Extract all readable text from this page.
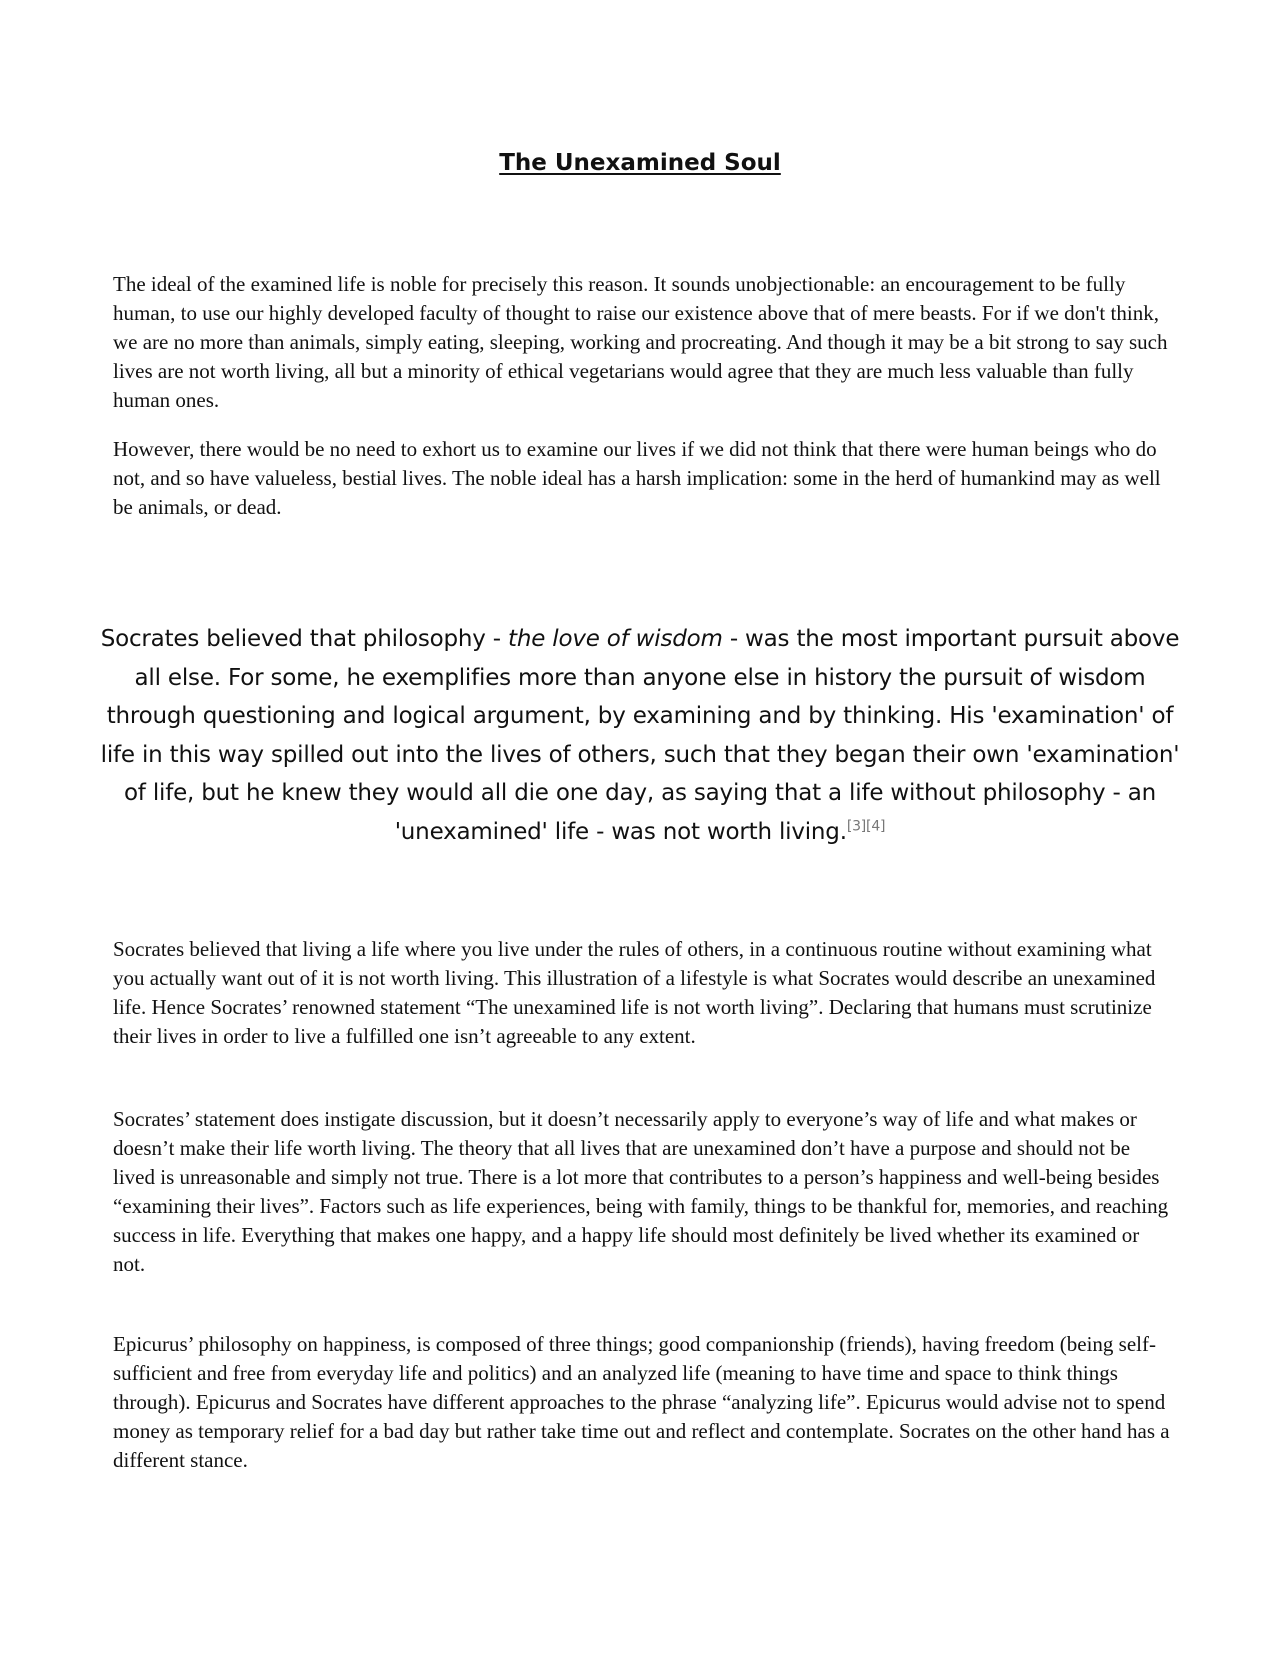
The Unexamined Soul

The ideal of the examined life is noble for precisely this reason. It sounds unobjectionable: an encouragement to be fully human, to use our highly developed faculty of thought to raise our existence above that of mere beasts. For if we don't think, we are no more than animals, simply eating, sleeping, working and procreating. And though it may be a bit strong to say such lives are not worth living, all but a minority of ethical vegetarians would agree that they are much less valuable than fully human ones.

However, there would be no need to exhort us to examine our lives if we did not think that there were human beings who do not, and so have valueless, bestial lives. The noble ideal has a harsh implication: some in the herd of humankind may as well be animals, or dead.

Socrates believed that philosophy - the love of wisdom - was the most important pursuit above all else. For some, he exemplifies more than anyone else in history the pursuit of wisdom through questioning and logical argument, by examining and by thinking. His 'examination' of life in this way spilled out into the lives of others, such that they began their own 'examination' of life, but he knew they would all die one day, as saying that a life without philosophy - an 'unexamined' life - was not worth living.[3][4]

Socrates believed that living a life where you live under the rules of others, in a continuous routine without examining what you actually want out of it is not worth living. This illustration of a lifestyle is what Socrates would describe an unexamined life. Hence Socrates’ renowned statement “The unexamined life is not worth living”. Declaring that humans must scrutinize their lives in order to live a fulfilled one isn’t agreeable to any extent.

Socrates’ statement does instigate discussion, but it doesn’t necessarily apply to everyone’s way of life and what makes or doesn’t make their life worth living. The theory that all lives that are unexamined don’t have a purpose and should not be lived is unreasonable and simply not true. There is a lot more that contributes to a person’s happiness and well-being besides “examining their lives”. Factors such as life experiences, being with family, things to be thankful for, memories, and reaching success in life. Everything that makes one happy, and a happy life should most definitely be lived whether its examined or not.

Epicurus’ philosophy on happiness, is composed of three things; good companionship (friends), having freedom (being self-sufficient and free from everyday life and politics) and an analyzed life (meaning to have time and space to think things through). Epicurus and Socrates have different approaches to the phrase “analyzing life”. Epicurus would advise not to spend money as temporary relief for a bad day but rather take time out and reflect and contemplate. Socrates on the other hand has a different stance.
